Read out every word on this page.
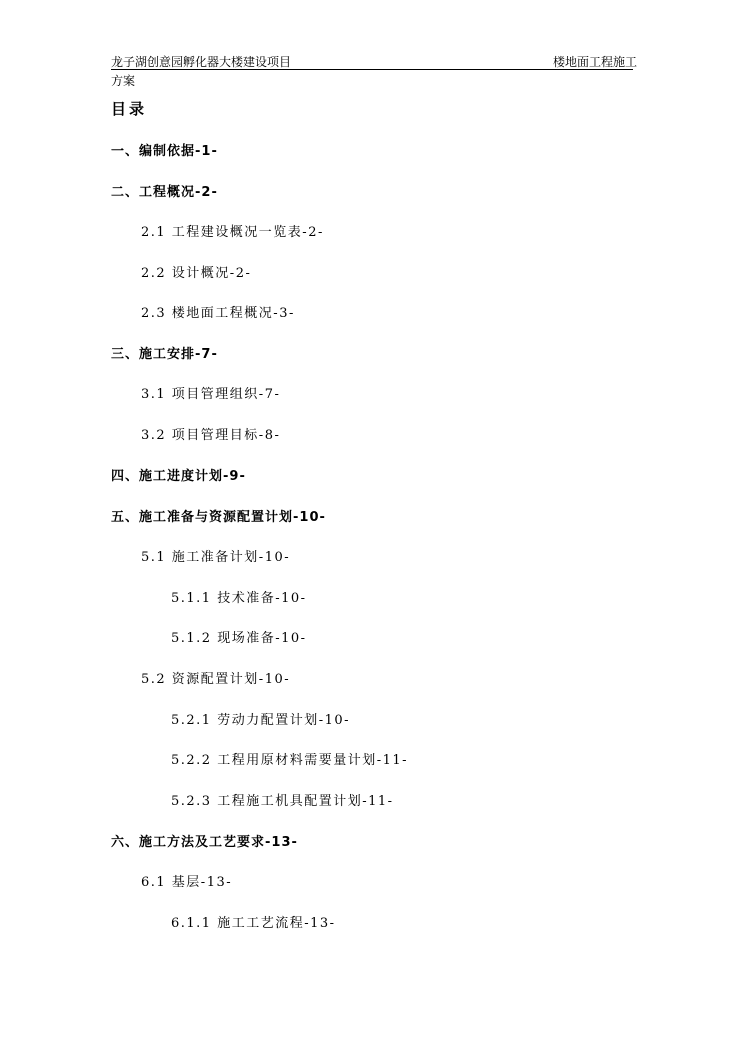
龙子湖创意园孵化器大楼建设项目	楼地面工程施工
方案
目录
一、编制依据-1-
二、工程概况-2-
2.1 工程建设概况一览表-2-
2.2 设计概况-2-
2.3 楼地面工程概况-3-
三、施工安排-7-
3.1 项目管理组织-7-
3.2 项目管理目标-8-
四、施工进度计划-9-
五、施工准备与资源配置计划-10-
5.1 施工准备计划-10-
5.1.1 技术准备-10-
5.1.2 现场准备-10-
5.2 资源配置计划-10-
5.2.1 劳动力配置计划-10-
5.2.2 工程用原材料需要量计划-11-
5.2.3 工程施工机具配置计划-11-
六、施工方法及工艺要求-13-
6.1 基层-13-
6.1.1 施工工艺流程-13-
